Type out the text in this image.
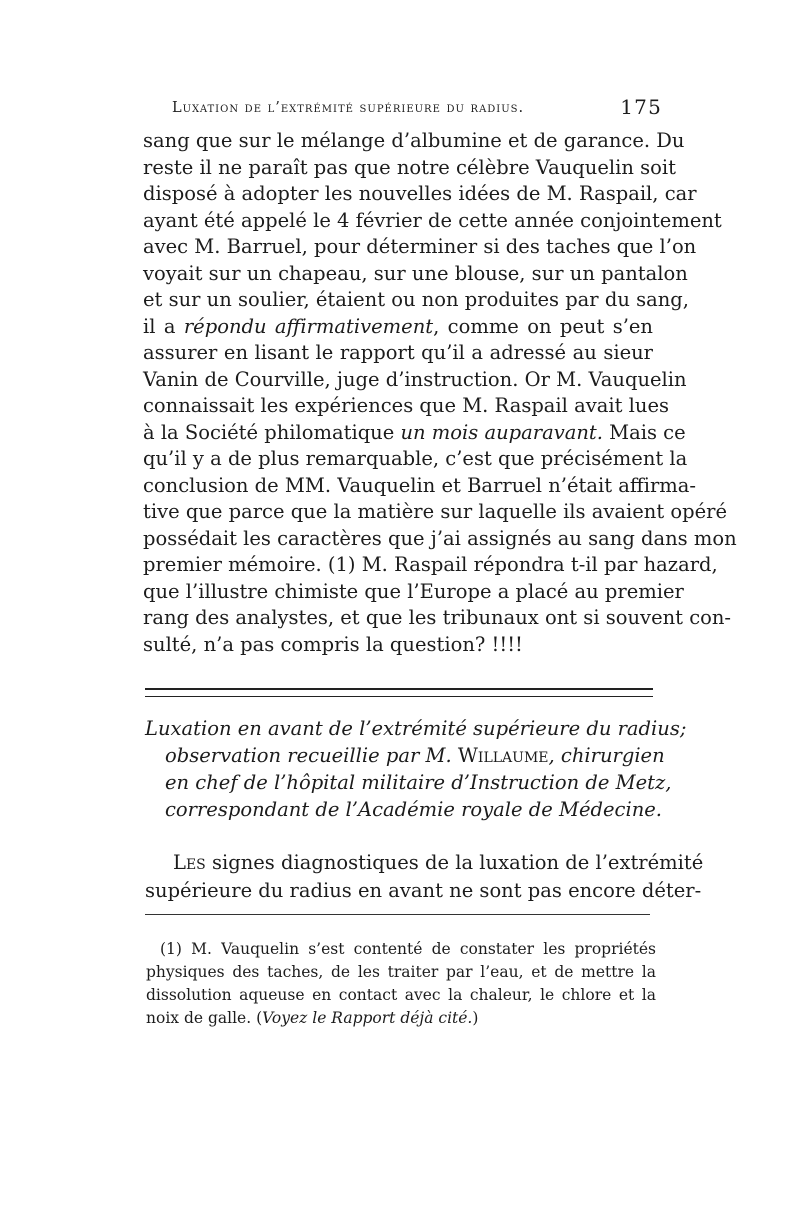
Luxation de l’extrémité supérieure du radius.	175
sang que sur le mélange d’albumine et de garance. Du
reste il ne paraît pas que notre célèbre Vauquelin soit
disposé à adopter les nouvelles idées de M. Raspail, car
ayant été appelé le 4 février de cette année conjointement
avec M. Barruel, pour déterminer si des taches que l’on
voyait sur un chapeau, sur une blouse, sur un pantalon
et sur un soulier, étaient ou non produites par du sang,
il a répondu affirmativement, comme on peut s’en
assurer en lisant le rapport qu’il a adressé au sieur
Vanin de Courville, juge d’instruction. Or M. Vauquelin
connaissait les expériences que M. Raspail avait lues
à la Société philomatique un mois auparavant. Mais ce
qu’il y a de plus remarquable, c’est que précisément la
conclusion de MM. Vauquelin et Barruel n’était affirma-
tive que parce que la matière sur laquelle ils avaient opéré
possédait les caractères que j’ai assignés au sang dans mon
premier mémoire. (1) M. Raspail répondra t-il par hazard,
que l’illustre chimiste que l’Europe a placé au premier
rang des analystes, et que les tribunaux ont si souvent con-
sulté, n’a pas compris la question? !!!!
Luxation en avant de l’extrémité supérieure du radius;
observation recueillie par M. Willaume, chirurgien
en chef de l’hôpital militaire d’Instruction de Metz,
correspondant de l’Académie royale de Médecine.
Les signes diagnostiques de la luxation de l’extrémité
supérieure du radius en avant ne sont pas encore déter-
(1) M. Vauquelin s’est contenté de constater les propriétés
physiques des taches, de les traiter par l’eau, et de mettre la
dissolution aqueuse en contact avec la chaleur, le chlore et la
noix de galle. (Voyez le Rapport déjà cité.)
